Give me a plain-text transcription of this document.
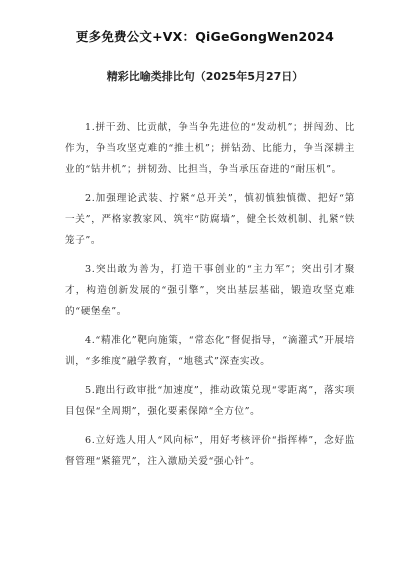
更多免费公文+VX：QiGeGongWen2024
精彩比喻类排比句（2025年5月27日）

1.拼干劲、比贡献，争当争先进位的“发动机”；拼闯劲、比作为，争当攻坚克难的“推土机”；拼钻劲、比能力，争当深耕主业的“钻井机”；拼韧劲、比担当，争当承压奋进的“耐压机”。

2.加强理论武装、拧紧“总开关”，慎初慎独慎微、把好“第一关”，严格家教家风、筑牢“防腐墙”，健全长效机制、扎紧“铁笼子”。

3.突出敢为善为，打造干事创业的“主力军”；突出引才聚才，构造创新发展的“强引擎”，突出基层基础，锻造攻坚克难的“硬堡垒”。

4.“精准化”靶向施策，“常态化”督促指导，“滴灌式”开展培训，“多维度”融学教育，“地毯式”深查实改。

5.跑出行政审批“加速度”，推动政策兑现“零距离”，落实项目包保“全周期”，强化要素保障“全方位”。

6.立好选人用人“风向标”，用好考核评价“指挥棒”，念好监督管理“紧箍咒”，注入激励关爱“强心针”。
